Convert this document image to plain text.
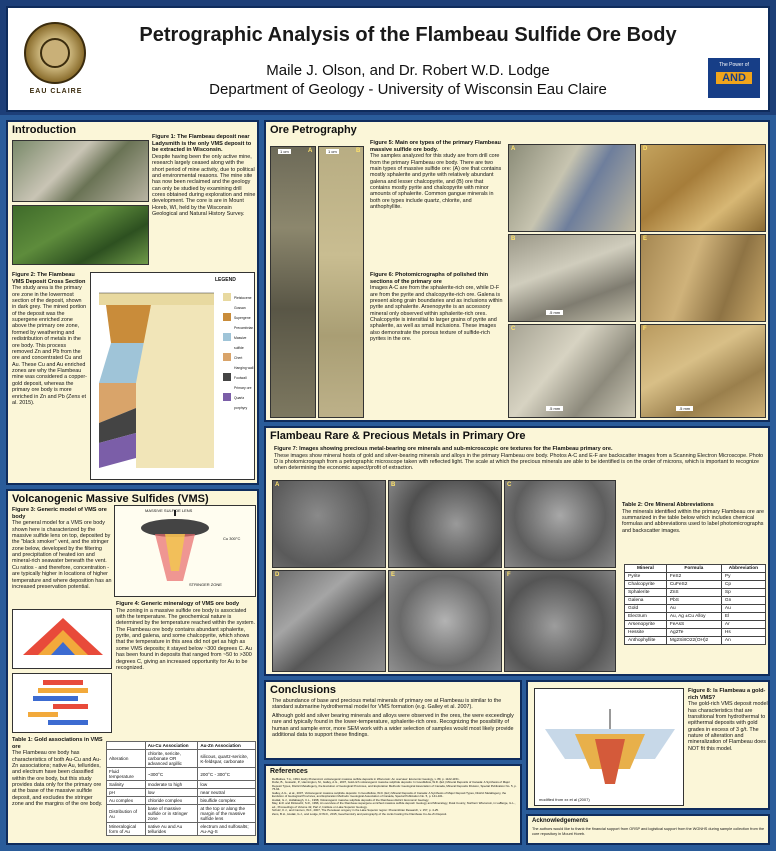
EAU CLAIRE
Petrographic Analysis of the Flambeau Sulfide Ore Body
Maile J. Olson, and Dr. Robert W.D. Lodge
Department of Geology - University of Wisconsin Eau Claire
The Power of
AND
Introduction
Figure 1: The Flambeau deposit near Ladysmith is the only VMS deposit to be extracted in Wisconsin.
Despite having been the only active mine, research largely ceased along with the short period of mine activity, due to political and environmental reasons. The mine site has now been reclaimed and the geology can only be studied by examining drill cores obtained during exploration and mine development. The core is are in Mount Horeb, WI, held by the Wisconsin Geological and Natural History Survey.
Figure 2: The Flambeau VMS Deposit Cross Section
The study area is the primary ore zone in the lowermost section of the deposit, shown in dark grey. The mined portion of the deposit was the supergene enriched zone above the primary ore zone, formed by weathering and redistribution of metals in the ore body. This process removed Zn and Pb from the ore and concentrated Cu and Au. These Cu and Au enriched zones are why the Flambeau mine was considered a copper-gold deposit, whereas the primary ore body is more enriched in Zn and Pb (Zens et al. 2015).
LEGEND
Pleistocene
Gossan
Supergene
Precambrian
Massive sulfide
Chert
Hanging wall
Footwall
Primary ore
Quartz porphyry
Volcanogenic Massive Sulfides (VMS)
Figure 3: Generic model of VMS ore body
The general model for a VMS ore body shown here is characterized by the massive sulfide lens on top, deposited by the "black smoker" vent, and the stringer zone below, developed by the filtering and precipitation of heated ion and mineral-rich seawater beneath the vent. Cu ratios - and therefore, concentration - are typically higher in locations of higher temperature and where deposition has an increased preservation potential.
MASSIVE SULFIDE LENS
STRINGER ZONE
Cu 300°C
Figure 4: Generic mineralogy of VMS ore body
The zoning in a massive sulfide ore body is associated with the temperature. The geochemical nature is determined by the temperature reached within the system. The Flambeau ore body contains abundant sphalerite, pyrite, and galena, and some chalcopyrite, which shows that the temperature in this area did not get as high as some VMS deposits; it stayed below ~300 degrees C. Au has been found in deposits that ranged from ~50 to >300 degrees C, giving an increased opportunity for Au to be recognized.
Table 1: Gold associations in VMS ore
The Flambeau ore body has characteristics of both Au-Cu and Au-Zn associations; native Au, tellurides, and electrum have been classified within the ore body, but this study provides data only for the primary ore at the base of the massive sulfide deposit, and excludes the stringer zone and the margins of the ore body.
	Au-Cu Association	Au-Zn Association
Alteration	chlorite, sericite, carbonate OR advanced argillic	silicous, quartz-sericite, K-feldspar, carbonate
Fluid temperature	~300°C	200°C - 300°C
Salinity	moderate to high	low
pH	low	near neutral
Au complex	chloride complex	bisulfide complex
Distribution of Au	base of massive sulfide or in stringer zone	at the top or along the margin of the massive sulfide lens
Mineralogical form of Au	native Au and Au tellurides	electrum and sulfosalts; Au-Ag-S
Ore Petrography
A	B
1 cm	1 cm
Figure 5: Main ore types of the primary Flambeau massive sulfide ore body.
The samples analyzed for this study are from drill core from the primary Flambeau ore body. There are two main types of massive sulfide ore: (A) ore that contains mostly sphalerite and pyrite with relatively abundant galena and lesser chalcopyrite, and (B) ore that contains mostly pyrite and chalcopyrite with minor amounts of sphalerite. Common gangue minerals in both ore types include quartz, chlorite, and anthophyllite.
Figure 6: Photomicrographs of polished thin sections of the primary ore
Images A-C are from the sphalerite-rich ore, while D-F are from the pyrite and chalcopyrite-rich ore. Galena is present along grain boundaries and as inclusions within pyrite and sphalerite. Arsenopyrite is an accessory mineral only observed within sphalerite-rich ores. Chalcopyrite is intersitial to larger grains of pyrite and sphalerite, as well as small inclusions. These images also demonstrate the porous texture of sulfide-rich pyrites in the ore.
A
B
C
D
E
F
.5 mm
.5 mm	.5 mm
Flambeau Rare & Precious Metals in Primary Ore
Figure 7: Images showing precious metal-bearing ore minerals and sub-microscopic ore textures for the Flambeau primary ore.
These images show mineral hosts of gold and silver-bearing minerals and alloys in the primary Flambeau ore body. Photos A-C and E-F are backscatter images from a Scanning Electron Microscope. Photo D is photomicrograph from a petrographic microscope taken with reflected light. The scale at which the precious minerals are able to be identified is on the order of microns, which is important to recognize when determining the economic aspect/profit of extraction.
A	B	C
D	E	F
Table 2: Ore Mineral Abbreviations
The minerals identified within the primary Flambeau ore are summarized in the table below which includes chemical formulas and abbreviations used to label photomicrographs and backscatter images.
Mineral	Formula	Abbreviation
Pyrite	FeS2	Py
Chalcopyrite	CuFeS2	Cp
Sphalerite	ZnS	Sp
Galena	PbS	Gn
Gold	Au	Au
Electrum	Au, Ag ±Cu Alloy	El
Arsenopyrite	FeAsS	Ar
Hessite	Ag2Te	Hs
Anthophyllite	Mg2Si8O22(OH)2	An
Conclusions
The abundance of base and precious metal minerals of primary ore at Flambeau is similar to the standard submarine hydrothermal model for VMS formation (e.g. Galley et al. 2007).
Although gold and silver bearing minerals and alloys were observed in the ores, the were exceedingly rare and typically found in the lower-temperature, sphalerite-rich ores. Recognizing the possibility of human and sample error, more SEM work with a wider selection of samples would most likely provide additional data to support these findings.
modified from xx et al (2007)
Figure 8: Is Flambeau a gold-rich VMS?
The gold-rich VMS deposit model has characteristics that are transitional from hydrothermal to epithermal deposits with gold grades in excess of 3 g/t. The nature of alteration and mineralization of Flambeau does NOT fit this model.
References
DeMatties, T.A., 1994, Early Proterozoic volcanogenic massive sulfide deposits in Wisconsin: An overview: Economic Geology, v. 89, p. 1122-1151.
Dubé, B., Gosselin, P., Hannington, M., Galley, A.G., 2007, Gold-rich volcanogenic massive sulphide deposits: In Goodfellow, W.D. (Ed.) Mineral Deposits of Canada: A Synthesis of Major Deposit Types, District Metallogeny, the Evolution of Geological Provinces, and Exploration Methods: Geological Association of Canada, Mineral Deposits Division, Special Publication No. 5, p. 75-94.
Galley, A.G., et al., 2007, Volcanogenic massive sulphide deposits: In Goodfellow, W.D. (Ed.) Mineral Deposits of Canada: A Synthesis of Major Deposit Types, District Metallogeny, the Evolution of Geological Provinces, and Exploration Methods: Geological Association of Canada, Special Publication No. 5, p. 141-161.
Hudak, G.J., Hollabaugh, C.L., 1998, Volcanogenic massive sulphide deposits of the Flambeau district: Economic Geology.
May, E.R. and Dinkowitz, S.R., 1996, An overview of the Flambeau supergene enriched massive sulfide deposit: Geology and Mineralogy, Rusk County, Northern Wisconsin, in LaBerge, G.L., ed., Proceedings of Volume 42, Part 2, Institute on Lake Superior Geology.
Schulz, K.J., and Cannon, W.F., 2007, The Penokean orogeny in the Lake Superior region: Precambrian Research, v. 157, p. 4-25.
Zens, B.H., Hudak, G.J., and Lodge, R.W.D., 2015, Geochemistry and petrography of the rocks hosting the Flambeau Cu-Au-Zn Deposit.
Acknowledgements
The authors would like to thank the financial support from ORSP and logistical support from the WGNHS during sample collection from the core repository in Mount Horeb.
